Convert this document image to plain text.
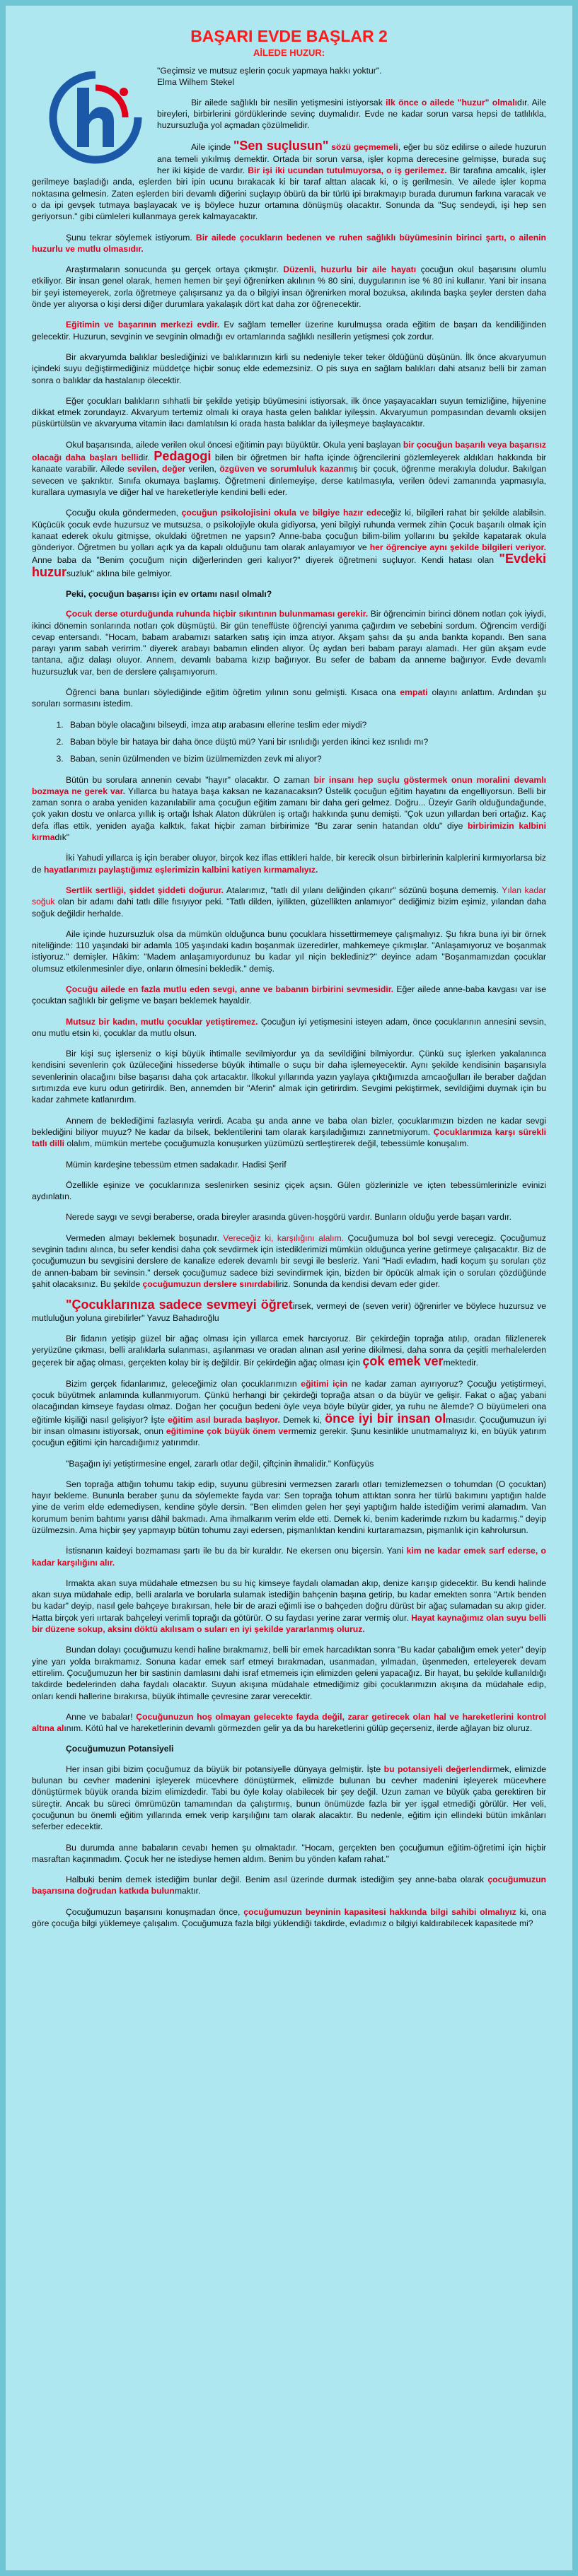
BAŞARI EVDE BAŞLAR 2
AİLEDE HUZUR:

"Geçimsiz ve mutsuz eşlerin çocuk yapmaya hakkı yoktur".

Elma Wilhem Stekel

Bir ailede sağlıklı bir nesilin yetişmesini istiyorsak ilk önce o ailede "huzur" olmalıdır. Aile bireyleri, birbirlerini gördüklerinde sevinç duymalıdır. Evde ne kadar sorun varsa hepsi de tatlılıkla, huzursuzluğa yol açmadan çözülmelidir.

Aile içinde "Sen suçlusun" sözü geçmemeli, eğer bu söz edilirse o ailede huzurun ana temeli yıkılmış demektir. Ortada bir sorun varsa, işler kopma derecesine gelmişse, burada suç her iki kişide de vardır. Bir işi iki ucundan tutulmuyorsa, o iş gerilemez. Bir tarafına amcalık, işler gerilmeye başladığı anda, eşlerden biri ipin ucunu bırakacak ki bir taraf alttan alacak ki, o iş gerilmesin. Ve ailede işler kopma noktasına gelmesin. Zaten eşlerden biri devamlı diğerini suçlayıp öbürü da bir türlü ipi bırakmayıp burada durumun farkına varacak ve o da ipi gevşek tutmaya başlayacak ve iş böylece huzur ortamına dönüşmüş olacaktır. Sonunda da "Suç sendeydi, işi hep sen geriyorsun." gibi cümleleri kullanmaya gerek kalmayacaktır.

Şunu tekrar söylemek istiyorum. Bir ailede çocukların bedenen ve ruhen sağlıklı büyümesinin birinci şartı, o ailenin huzurlu ve mutlu olmasıdır.

Araştırmaların sonucunda şu gerçek ortaya çıkmıştır. Düzenli, huzurlu bir aile hayatı çocuğun okul başarısını olumlu etkiliyor. Bir insan genel olarak, hemen hemen bir şeyi öğrenirken akılının % 80 sini, duygularının ise % 80 ini kullanır. Yani bir insana bir şeyi istemeyerek, zorla öğretmeye çalışırsanız ya da o bilgiyi insan öğrenirken moral bozuksa, akılında başka şeyler dersten daha önde yer alıyorsa o kişi dersi diğer durumlara yakalaşık dört kat daha zor öğrenecektir.

Eğitimin ve başarının merkezi evdir. Ev sağlam temeller üzerine kurulmuşsa orada eğitim de başarı da kendiliğinden gelecektir. Huzurun, sevginin ve sevginin olmadığı ev ortamlarında sağlıklı nesillerin yetişmesi çok zordur.

Bir akvaryumda balıklar beslediğinizi ve balıklarınızın kirli su nedeniyle teker teker öldüğünü düşünün. İlk önce akvaryumun içindeki suyu değiştirmediğiniz müddetçe hiçbir sonuç elde edemezsiniz. O pis suya en sağlam balıkları dahi atsanız belli bir zaman sonra o balıklar da hastalanıp ölecektir.

Eğer çocukları balıkların sıhhatli bir şekilde yetişip büyümesini istiyorsak, ilk önce yaşayacakları suyun temizliğine, hijyenine dikkat etmek zorundayız. Akvaryum tertemiz olmalı ki oraya hasta gelen balıklar iyileşsin. Akvaryumun pompasından devamlı oksijen püskürtülsün ve akvaryuma vitamin ilacı damlatılsın ki orada hasta balıklar da iyileşmeye başlayacaktır.

Okul başarısında, ailede verilen okul öncesi eğitimin payı büyüktür. Okula yeni başlayan bir çocuğun başarılı veya başarısız olacağı daha başları bellidir. Pedagogi bilen bir öğretmen bir hafta içinde öğrencilerini gözlemleyerek aldıkları hakkında bir kanaate varabilir. Ailede sevilen, değer verilen, özgüven ve sorumluluk kazanmış bir çocuk, öğrenme merakıyla doludur. Bakılgan sevecen ve şakrıktır. Sınıfa okumaya başlamış. Öğretmeni dinlemeyişe, derse katılmasıyla, verilen ödevi zamanında yapmasıyla, kurallara uymasıyla ve diğer hal ve hareketleriyle kendini belli eder.

Çocuğu okula göndermeden, çocuğun psikolojisini okula ve bilgiye hazır edeceğiz ki, bilgileri rahat bir şekilde alabilsin. Küçücük çocuk evde huzursuz ve mutsuzsa, o psikolojiyle okula gidiyorsa, yeni bilgiyi ruhunda vermek zihin Çocuk başarılı olmak için kanaat ederek okulu gitmişse, okuldaki öğretmen ne yapsın? Anne-baba çocuğun bilim-bilim yollarını bu şekilde kapatarak okula gönderiyor. Öğretmen bu yolları açık ya da kapalı olduğunu tam olarak anlayamıyor ve her öğrenciye aynı şekilde bilgileri veriyor. Anne baba da "Benim çocuğum niçin diğerlerinden geri kalıyor?" diyerek öğretmeni suçluyor. Kendi hatası olan "Evdeki huzursuzluk" aklına bile gelmiyor.

Peki, çocuğun başarısı için ev ortamı nasıl olmalı?

Çocuk derse oturduğunda ruhunda hiçbir sıkıntının bulunmaması gerekir. Bir öğrencimin birinci dönem notları çok iyiydi, ikinci dönemin sonlarında notları çok düşmüştü. Bir gün teneffüste öğrenciyi yanıma çağırdım ve sebebini sordum. Öğrencim verdiği cevap entersandı. "Hocam, babam arabamızı satarken satış için imza atıyor. Akşam şahsı da şu anda bankta kopandı. Ben sana parayı yarım sabah verirrim." diyerek arabayı babamın elinden alıyor. Üç aydan beri babam parayı alamadı. Her gün akşam evde tantana, ağız dalaşı oluyor. Annem, devamlı babama kızıp bağırıyor. Bu sefer de babam da anneme bağırıyor. Evde devamlı huzursuzluk var, ben de derslere çalışamıyorum.

Öğrenci bana bunları söylediğinde eğitim öğretim yılının sonu gelmişti. Kısaca ona empati olayını anlattım. Ardından şu soruları sormasını istedim.

1. Baban böyle olacağını bilseydi, imza atıp arabasını ellerine teslim eder miydi?
2. Baban böyle bir hataya bir daha önce düştü mü? Yani bir ısrılıdığı yerden ikinci kez ısrılıdı mı?
3. Baban, senin üzülmenden ve bizim üzülmemizden zevk mi alıyor?

Bütün bu sorulara annenin cevabı "hayır" olacaktır. O zaman bir insanı hep suçlu göstermek onun moralini devamlı bozmaya ne gerek var. Yıllarca bu hataya başa kaksan ne kazanacaksın? Üstelik çocuğun eğitim hayatını da engelliyorsun. Belli bir zaman sonra o araba yeniden kazanılabilir ama çocuğun eğitim zamanı bir daha geri gelmez. Doğru... Üzeyir Garih olduğundağunde, çok yakın dostu ve onlarca yıllık iş ortağı İshak Alaton dükrülen iş ortağı hakkında şunu demişti. "Çok uzun yıllardan beri ortağız. Kaç defa iflas ettik, yeniden ayağa kalktık, fakat hiçbir zaman birbirimize "Bu zarar senin hatandan oldu" diye birbirimizin kalbini kırmadık"

İki Yahudi yıllarca iş için beraber oluyor, birçok kez iflas ettikleri halde, bir kerecik olsun birbirlerinin kalplerini kırmıyorlarsa biz de hayatlarımızı paylaştığımız eşlerimizin kalbini katiyen kırmamalıyız.

Sertlik sertliği, şiddet şiddeti doğurur. Atalarımız, "tatlı dil yılanı deliğinden çıkarır" sözünü boşuna dememiş. Yılan kadar soğuk olan bir adamı dahi tatlı dille fısıyıyor peki. "Tatlı dilden, iyilikten, güzellikten anlamıyor" dediğimiz bizim eşimiz, yılandan daha soğuk değildir herhalde.

Aile içinde huzursuzluk olsa da mümkün olduğunca bunu çocuklara hissettirmemeye çalışmalıyız. Şu fıkra buna iyi bir örnek niteliğinde: 110 yaşındaki bir adamla 105 yaşındaki kadın boşanmak üzeredirler, mahkemeye çıkmışlar. "Anlaşamıyoruz ve boşanmak istiyoruz." demişler. Hâkim: "Madem anlaşamıyordunuz bu kadar yıl niçin beklediniz?" deyince adam "Boşanmamızdan çocuklar olumsuz etkilenmesinler diye, onların ölmesini bekledik." demiş.

Çocuğu ailede en fazla mutlu eden sevgi, anne ve babanın birbirini sevmesidir. Eğer ailede anne-baba kavgası var ise çocuktan sağlıklı bir gelişme ve başarı beklemek hayaldir.

Mutsuz bir kadın, mutlu çocuklar yetiştiremez. Çocuğun iyi yetişmesini isteyen adam, önce çocuklarının annesini sevsin, onu mutlu etsin ki, çocuklar da mutlu olsun.

Bir kişi suç işlerseniz o kişi büyük ihtimalle sevilmiyordur ya da sevildiğini bilmiyordur. Çünkü suç işlerken yakalanınca kendisini sevenlerin çok üzüleceğini hissederse büyük ihtimalle o suçu bir daha işlemeyecektir. Aynı şekilde kendisinin başarısıyla sevenlerinin olacağını bilse başarısı daha çok artacaktır. İlkokul yıllarında yazın yaylaya çıktığımızda amcaoğulları ile beraber dağdan sırtımızda eve kuru odun getirirdik. Ben, annemden bir "Aferin" almak için getirirdim. Sevgimi pekiştirmek, sevildiğimi duymak için bu kadar zahmete katlanırdım.

Annem de beklediğimi fazlasıyla verirdi. Acaba şu anda anne ve baba olan bizler, çocuklarımızın bizden ne kadar sevgi beklediğini biliyor muyuz? Ne kadar da bilsek, beklentilerini tam olarak karşıladığımızı zannetmiyorum. Çocuklarımıza karşı sürekli tatlı dilli olalım, mümkün mertebe çocuğumuzla konuşurken yüzümüzü sertleştirerek değil, tebessümle konuşalım.

Mümin kardeşine tebessüm etmen sadakadır. Hadisi Şerif

Özellikle eşinize ve çocuklarınıza seslenirken sesiniz çiçek açsın. Gülen gözlerinizle ve içten tebessümlerinizle evinizi aydınlatın.

Nerede saygı ve sevgi beraberse, orada bireyler arasında güven-hoşgörü vardır. Bunların olduğu yerde başarı vardır.

Vermeden almayı beklemek boşunadır. Vereceğiz ki, karşılığını alalım. Çocuğumuza bol bol sevgi verecegiz. Çocuğumuz sevgi​nin tadını alınca, bu sefer kendisi daha çok sevdirmek için istediklerimizi mümkün olduğunca yerine getirmeye çalışacaktır. Biz de çocuğumuzun bu sevgisini derslere de kanalize ederek devamlı bir sevgi ile besleriz. Yani "Hadi evladım, hadi koçum şu soruları çöz de annen-babam bir sevinsin." dersek çocuğumuz sadece bizi sevindirmek için, bizden bir öpücük almak için o soruları çözdüğünde şahit olacaksınız. Bu şekilde çocuğumuzun derslere sınırdabiliriz. Sonunda da kendisi devam eder gider.

"Çocuklarınıza sadece sevmeyi öğretirsek, vermeyi de (seven verir) öğrenirler ve böylece huzursuz ve mutluluğun yoluna girebilirler" Yavuz Bahadıroğlu

Bir fidanın yetişip güzel bir ağaç olması için yıllarca emek harcıyoruz. Bir çekirdeğin toprağa atılıp, oradan filizlenerek yeryüzüne çıkması, belli aralıklarla sulanması, aşılanması ve oradan alınan asıl yerine dikilmesi, daha sonra da çeşitli merhalelerden geçerek bir ağaç olması, gerçekten kolay bir iş değildir. Bir çekirdeğin ağaç olması için çok emek vermektedir.

Bizim gerçek fidanlarımız, geleceğimiz olan çocuklarımızın eğitimi için ne kadar zaman ayırıyoruz? Çocuğu yetiştirmeyi, çocuk büyütmek anlamında kullanmıyorum. Çünkü herhangi bir çekirdeği toprağa atsan o da büyür ve gelişir. Fakat o ağaç yabani olacağından kimseye faydası olmaz. Doğan her çocuğun bedeni öyle veya böyle büyür gider, ya ruhu ne âlemde? O büyümeleri ona eğitimle kişiliği nasıl gelişiyor? İşte eğitim asıl burada başlıyor. Demek ki, önce iyi bir insan olmasıdır. Çocuğumuzun iyi bir insan olmasını istiyorsak, onun eğitimine çok büyük önem vermemiz gerekir. Şunu kesinlikle unutmamalıyız ki, en büyük yatırım çocuğun eğitimi için harcadığımız yatırımdır.

"Başağın iyi yetiştirmesine engel, zararlı otlar değil, çiftçinin ihmalidir." Konfüçyüs

Sen toprağa attığın tohumu takip edip, suyunu gübresini vermezsen zararlı otları temizlemezsen o tohumdan (O çocuktan) hayır bekleme. Bununla beraber şunu da söylemekte fayda var: Sen toprağa tohum attıktan sonra her türlü bakımını yaptığın halde yine de verim elde edemediysen, kendine şöyle dersin. "Ben elimden gelen her şeyi yaptığım halde istediğim verimi alamadım. Van korumum benim bahtımı yarısı dâhil bakmadı. Ama ihmalkarım verim elde etti. Demek ki, benim kaderimde rızkım bu kadarmış." deyip üzülmezsin. Ama hiçbir şey yapmayıp bütün tohumu zayi edersen, pişmanlıktan kendini kurtaramazsın, pişmanlık için kahrolursun.

İstisnanın kaideyi bozmaması şartı ile bu da bir kuraldır. Ne ekersen onu biçersin. Yani kim ne kadar emek sarf ederse, o kadar karşılığını alır.

Irmakta akan suya müdahale etmezsen bu su hiç kimseye faydalı olamadan akıp, denize karışıp gidecektir. Bu kendi halinde akan suya müdahale edip, belli aralarla ve borularla sulamak istediğin bahçenin başına getirip, bu kadar emekten sonra "Artık benden bu kadar" deyip, nasıl gele bahçeye bırakırsan, hele bir de arazi eğimli ise o bahçeden doğru dürüst bir ağaç sulamadan su akıp gider. Hatta birçok yeri ıırtarak bahçeleyi verimli toprağı da götürür. O su faydası yerine zarar vermiş olur. Hayat kaynağımız olan suyu belli bir düzene sokup, aksi​nı döktü akılısam o suları en iyi şekilde yararlanmış oluruz.

Bundan dolayı çocuğumuzu kendi haline bırakmamız, belli bir emek harcadıktan sonra "Bu kadar çabalığım emek yeter" deyip yine yarı yolda bırakmamız. Sonuna kadar emek sarf etmeyi bırakmadan, usanmadan, yılmadan, üşenmeden, erteleyerek devam ettirelim. Çocuğumuzun her bir sastinin damlasını dahi israf etmemeis için elimizden geleni yapacağız. Bir hayat, bu şekilde kullanıldığı takdirde bedelerinden daha faydalı olacaktır. Suyun akışına müdahale etmediğimiz gibi çocuklarımızın akışına da müdahale edip, onları kendi hallerine bırakırsa, büyük ihtimalle çevresine zarar verecektir.

Anne ve babalar! Çocuğunuzun hoş olmayan gelecekte fayda değil, zarar getirecek olan hal ve hareketlerini kontrol altına alınım. Kötü hal ve hareketlerinin devamlı görmezden gelir ya da bu hareketlerini gülüp geçerseniz, ilerde ağlayan biz oluruz.

Çocuğumuzun Potansiyeli

Her insan gibi bizim çocuğumuz da büyük bir potansiyelle dünyaya gelmiştir. İşte bu potansiyeli değerlendirmek, elimizde bulunan bu cevher madenini işleyerek mücevhere dönüştürmek, elimizde bulunan bu cevher madenini işleyerek mücevhere dönüştürmek büyük oranda bizim elimizdedir. Tabi bu öyle kolay olabilecek bir şey değil. Uzun zaman ve büyük çaba gerektiren bir süreçtir. Ancak bu süreci ömrümüzün tamamından da çalıştırmış, bunun önümüzde fazla bir yer işgal etmediği görülür. Her veli, çocuğunun bu önemli eğitim yıllarında emek verip karşılığını tam olarak alacaktır. Bu nedenle, eğitim için ellindeki bütün imkânları seferber edecektir.

Bu durumda anne babaların cevabı hemen şu olmaktadır. "Hocam, gerçekten ben çocuğumun eğitim-öğretimi için hiçbir masraftan kaçınmadım. Çocuk her ne istediyse hemen aldım. Benim bu yönden kafam rahat."

Halbuki benim demek istediğim bunlar değil. Benim asıl üzerinde durmak istediğim şey anne-baba olarak çocuğumuzun başarısına doğrudan katkıda bulunmaktır.

Çocuğumuzun başarısını konuşmadan önce, çocuğumuzun beyninin kapasitesi hakkında bilgi sahibi olmalıyız ki, ona göre çocuğa bilgi yüklemeye çalışalım. Çocuğumuza fazla bilgi yüklendiği takdirde, evladımız o bilgiyi kaldırabilecek kapasitede mi?
